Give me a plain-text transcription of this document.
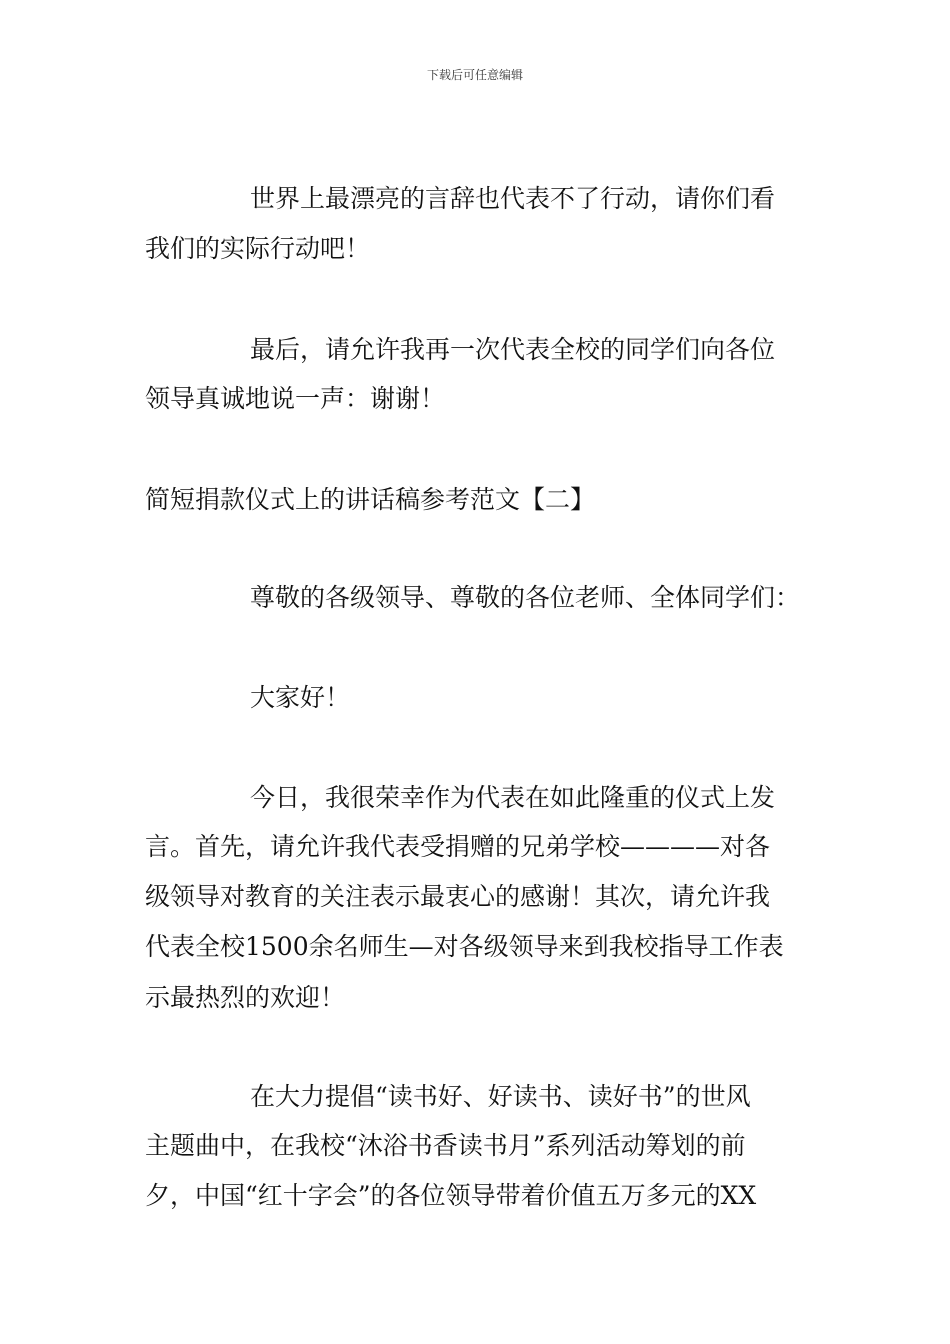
下载后可任意编辑
世界上最漂亮的言辞也代表不了行动，请你们看
我们的实际行动吧！
最后，请允许我再一次代表全校的同学们向各位
领导真诚地说一声：谢谢！
简短捐款仪式上的讲话稿参考范文【二】
尊敬的各级领导、尊敬的各位老师、全体同学们：
大家好！
今日，我很荣幸作为代表在如此隆重的仪式上发
言。首先，请允许我代表受捐赠的兄弟学校————对各
级领导对教育的关注表示最衷心的感谢！其次，请允许我
代表全校1500余名师生—对各级领导来到我校指导工作表
示最热烈的欢迎！
在大力提倡“读书好、好读书、读好书”的世风
主题曲中，在我校“沐浴书香读书月”系列活动筹划的前
夕，中国“红十字会”的各位领导带着价值五万多元的XX
